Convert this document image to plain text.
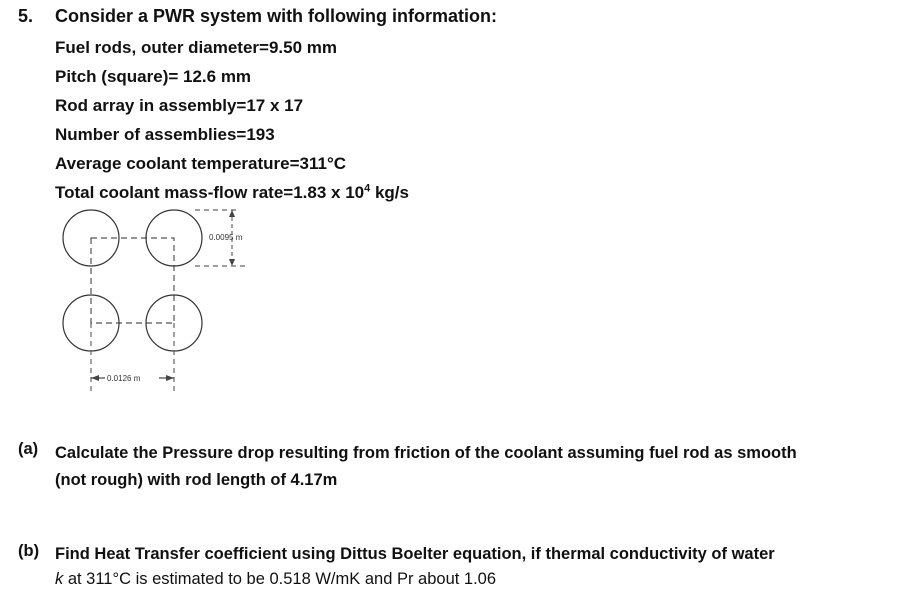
5. Consider a PWR system with following information:
Fuel rods, outer diameter=9.50 mm
Pitch (square)= 12.6 mm
Rod array in assembly=17 x 17
Number of assemblies=193
Average coolant temperature=311°C
Total coolant mass-flow rate=1.83 x $10^4$ kg/s
0.0095 m
0.0126 m
(a) Calculate the Pressure drop resulting from friction of the coolant assuming fuel rod as smooth
(not rough) with rod length of 4.17m
(b) Find Heat Transfer coefficient using Dittus Boelter equation, if thermal conductivity of water
k at 311°C is estimated to be 0.518 W/mK and Pr about 1.06
